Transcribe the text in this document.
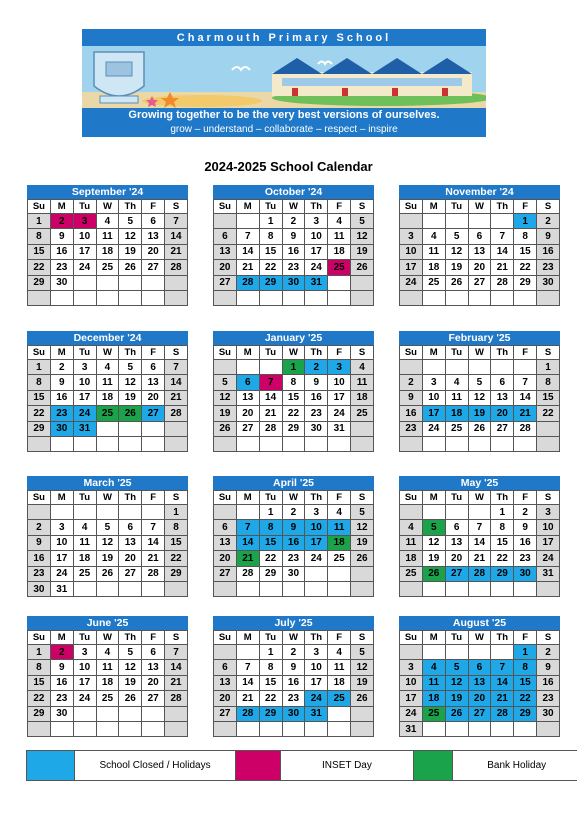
Charmouth Primary School
Growing together to be the very best versions of ourselves.
grow – understand – collaborate – respect – inspire
2024-2025 School Calendar
September '24
Su	M	Tu	W	Th	F	S
1	2	3	4	5	6	7
8	9	10	11	12	13	14
15	16	17	18	19	20	21
22	23	24	25	26	27	28
29	30					

October '24
Su	M	Tu	W	Th	F	S
		1	2	3	4	5
6	7	8	9	10	11	12
13	14	15	16	17	18	19
20	21	22	23	24	25	26
27	28	29	30	31		

November '24
Su	M	Tu	W	Th	F	S
					1	2
3	4	5	6	7	8	9
10	11	12	13	14	15	16
17	18	19	20	21	22	23
24	25	26	27	28	29	30

December '24
Su	M	Tu	W	Th	F	S
1	2	3	4	5	6	7
8	9	10	11	12	13	14
15	16	17	18	19	20	21
22	23	24	25	26	27	28
29	30	31				

January '25
Su	M	Tu	W	Th	F	S
			1	2	3	4
5	6	7	8	9	10	11
12	13	14	15	16	17	18
19	20	21	22	23	24	25
26	27	28	29	30	31	

February '25
Su	M	Tu	W	Th	F	S
						1
2	3	4	5	6	7	8
9	10	11	12	13	14	15
16	17	18	19	20	21	22
23	24	25	26	27	28	

March '25
Su	M	Tu	W	Th	F	S
						1
2	3	4	5	6	7	8
9	10	11	12	13	14	15
16	17	18	19	20	21	22
23	24	25	26	27	28	29
30	31					
April '25
Su	M	Tu	W	Th	F	S
		1	2	3	4	5
6	7	8	9	10	11	12
13	14	15	16	17	18	19
20	21	22	23	24	25	26
27	28	29	30			

May '25
Su	M	Tu	W	Th	F	S
				1	2	3
4	5	6	7	8	9	10
11	12	13	14	15	16	17
18	19	20	21	22	23	24
25	26	27	28	29	30	31

June '25
Su	M	Tu	W	Th	F	S
1	2	3	4	5	6	7
8	9	10	11	12	13	14
15	16	17	18	19	20	21
22	23	24	25	26	27	28
29	30					

July '25
Su	M	Tu	W	Th	F	S
		1	2	3	4	5
6	7	8	9	10	11	12
13	14	15	16	17	18	19
20	21	22	23	24	25	26
27	28	29	30	31		

August '25
Su	M	Tu	W	Th	F	S
					1	2
3	4	5	6	7	8	9
10	11	12	13	14	15	16
17	18	19	20	21	22	23
24	25	26	27	28	29	30
31						
School Closed / Holidays	INSET Day	Bank Holiday
